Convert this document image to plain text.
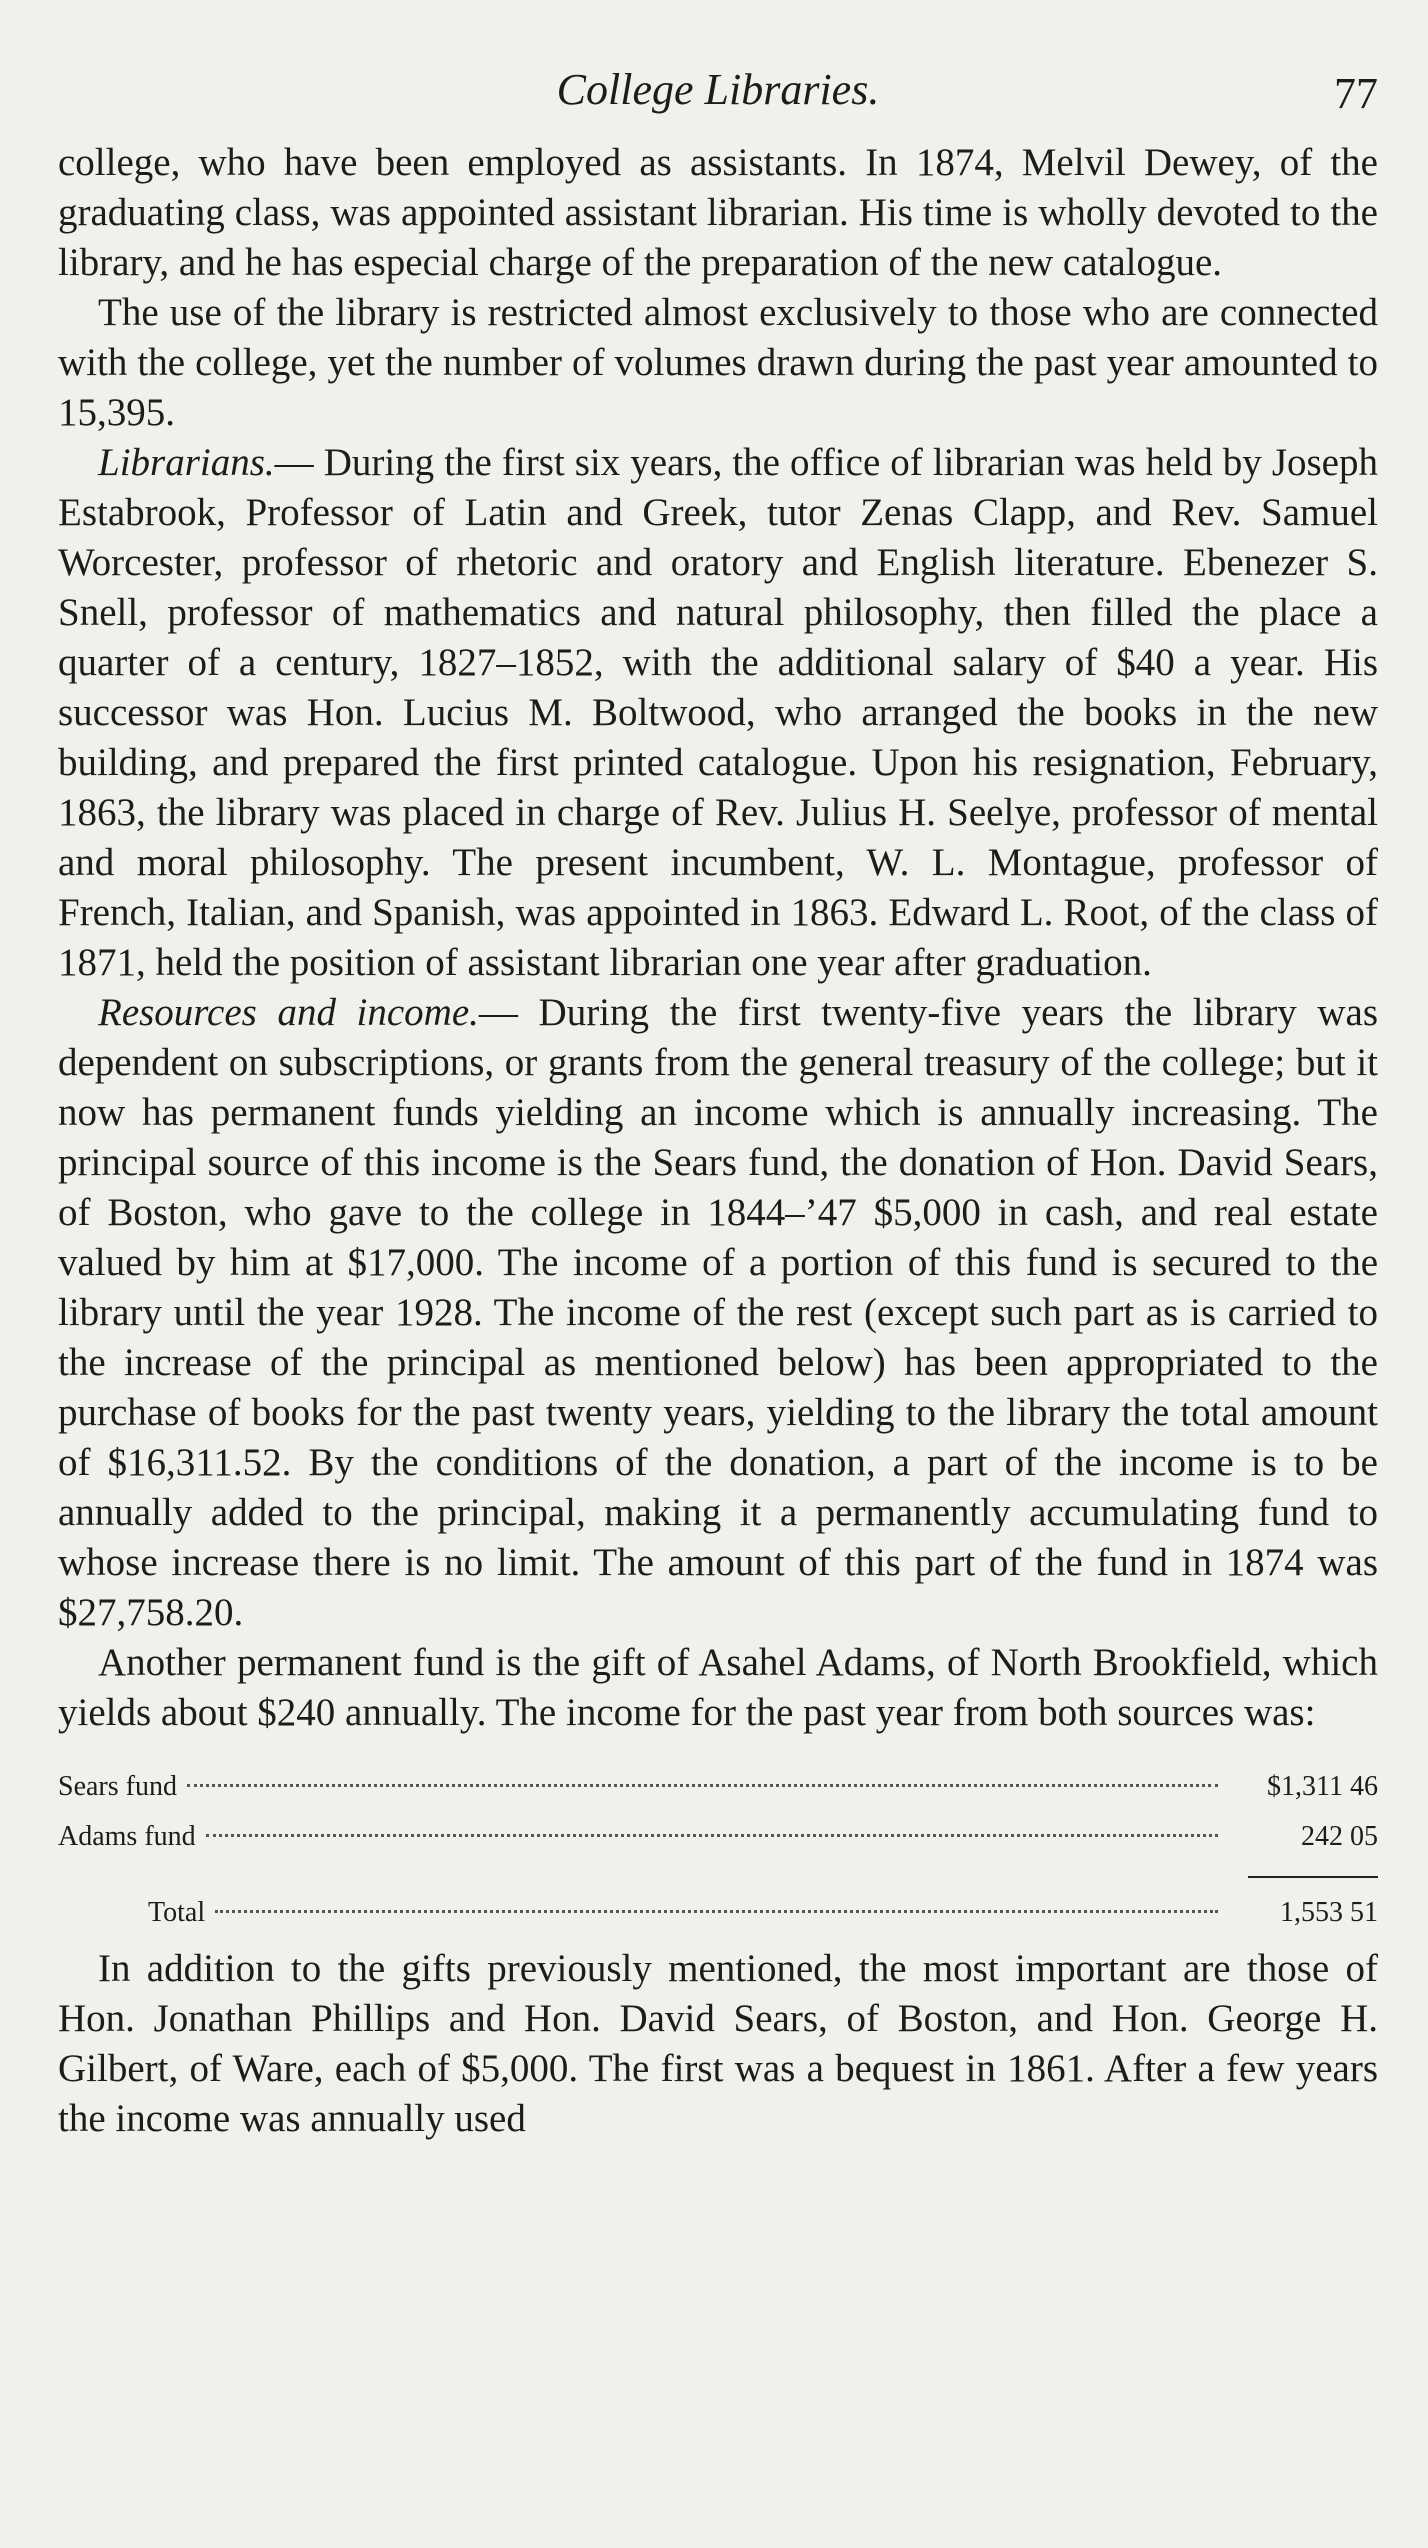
College Libraries.	77

college, who have been employed as assistants. In 1874, Melvil Dewey, of the graduating class, was appointed assistant librarian. His time is wholly devoted to the library, and he has especial charge of the preparation of the new catalogue.

The use of the library is restricted almost exclusively to those who are connected with the college, yet the number of volumes drawn during the past year amounted to 15,395.

Librarians.— During the first six years, the office of librarian was held by Joseph Estabrook, Professor of Latin and Greek, tutor Zenas Clapp, and Rev. Samuel Worcester, professor of rhetoric and oratory and English literature. Ebenezer S. Snell, professor of mathematics and natural philosophy, then filled the place a quarter of a century, 1827–1852, with the additional salary of $40 a year. His successor was Hon. Lucius M. Boltwood, who arranged the books in the new building, and prepared the first printed catalogue. Upon his resignation, February, 1863, the library was placed in charge of Rev. Julius H. Seelye, professor of mental and moral philosophy. The present incumbent, W. L. Montague, professor of French, Italian, and Spanish, was appointed in 1863. Edward L. Root, of the class of 1871, held the position of assistant librarian one year after graduation.

Resources and income.— During the first twenty-five years the library was dependent on subscriptions, or grants from the general treasury of the college; but it now has permanent funds yielding an income which is annually increasing. The principal source of this income is the Sears fund, the donation of Hon. David Sears, of Boston, who gave to the college in 1844–’47 $5,000 in cash, and real estate valued by him at $17,000. The income of a portion of this fund is secured to the library until the year 1928. The income of the rest (except such part as is carried to the increase of the principal as mentioned below) has been appropriated to the purchase of books for the past twenty years, yielding to the library the total amount of $16,311.52. By the conditions of the donation, a part of the income is to be annually added to the principal, making it a permanently accumulating fund to whose increase there is no limit. The amount of this part of the fund in 1874 was $27,758.20.

Another permanent fund is the gift of Asahel Adams, of North Brookfield, which yields about $240 annually. The income for the past year from both sources was:

Sears fund	$1,311 46
Adams fund	242 05
Total	1,553 51

In addition to the gifts previously mentioned, the most important are those of Hon. Jonathan Phillips and Hon. David Sears, of Boston, and Hon. George H. Gilbert, of Ware, each of $5,000. The first was a bequest in 1861. After a few years the income was annually used
